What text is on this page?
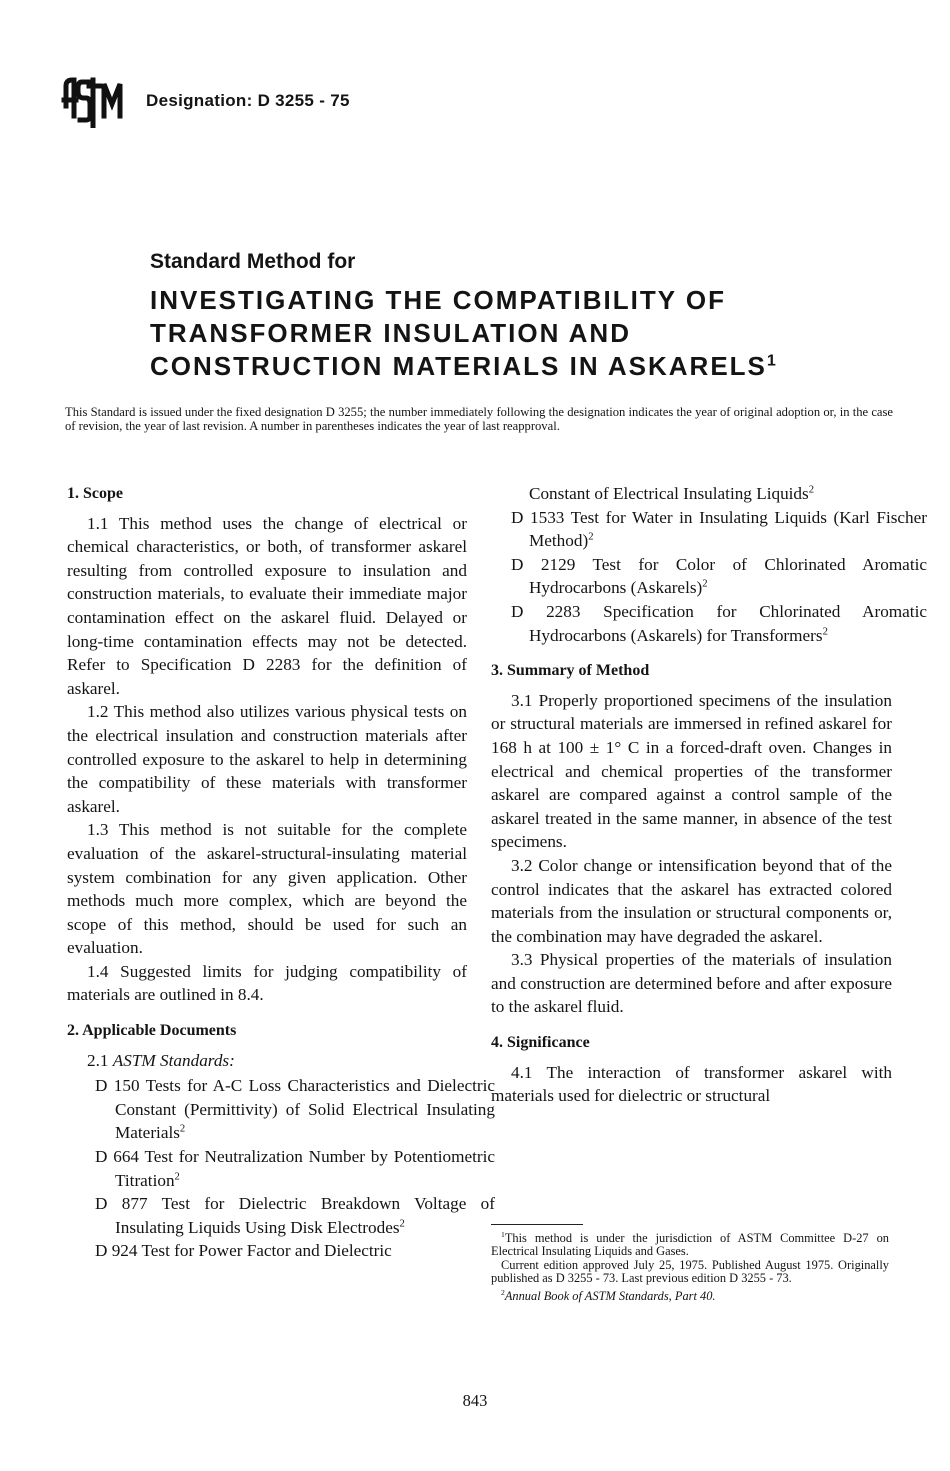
Designation: D 3255 - 75
Standard Method for
INVESTIGATING THE COMPATIBILITY OF
TRANSFORMER INSULATION AND
CONSTRUCTION MATERIALS IN ASKARELS$^1$
This Standard is issued under the fixed designation D 3255; the number immediately following the designation indicates the year of original adoption or, in the case of revision, the year of last revision. A number in parentheses indicates the year of last reapproval.
1. Scope

1.1 This method uses the change of electrical or chemical characteristics, or both, of transformer askarel resulting from controlled exposure to insulation and construction materials, to evaluate their immediate major contamination effect on the askarel fluid. Delayed or long-time contamination effects may not be detected. Refer to Specification D 2283 for the definition of askarel.

1.2 This method also utilizes various physical tests on the electrical insulation and construction materials after controlled exposure to the askarel to help in determining the compatibility of these materials with transformer askarel.

1.3 This method is not suitable for the complete evaluation of the askarel-structural-insulating material system combination for any given application. Other methods much more complex, which are beyond the scope of this method, should be used for such an evaluation.

1.4 Suggested limits for judging compatibility of materials are outlined in 8.4.

2. Applicable Documents
2.1 ASTM Standards:

D 150 Tests for A-C Loss Characteristics and Dielectric Constant (Permittivity) of Solid Electrical Insulating Materials$^2$

D 664 Test for Neutralization Number by Potentiometric Titration$^2$

D 877 Test for Dielectric Breakdown Voltage of Insulating Liquids Using Disk Electrodes$^2$

D 924 Test for Power Factor and Dielectric

Constant of Electrical Insulating Liquids$^2$

D 1533 Test for Water in Insulating Liquids (Karl Fischer Method)$^2$

D 2129 Test for Color of Chlorinated Aromatic Hydrocarbons (Askarels)$^2$

D 2283 Specification for Chlorinated Aromatic Hydrocarbons (Askarels) for Transformers$^2$

3. Summary of Method

3.1 Properly proportioned specimens of the insulation or structural materials are immersed in refined askarel for 168 h at 100 ± 1° C in a forced-draft oven. Changes in electrical and chemical properties of the transformer askarel are compared against a control sample of the askarel treated in the same manner, in absence of the test specimens.

3.2 Color change or intensification beyond that of the control indicates that the askarel has extracted colored materials from the insulation or structural components or, the combination may have degraded the askarel.

3.3 Physical properties of the materials of insulation and construction are determined before and after exposure to the askarel fluid.

4. Significance

4.1 The interaction of transformer askarel with materials used for dielectric or structural

$^1$This method is under the jurisdiction of ASTM Committee D-27 on Electrical Insulating Liquids and Gases.

Current edition approved July 25, 1975. Published August 1975. Originally published as D 3255 - 73. Last previous edition D 3255 - 73.

$^2$Annual Book of ASTM Standards, Part 40.

843
